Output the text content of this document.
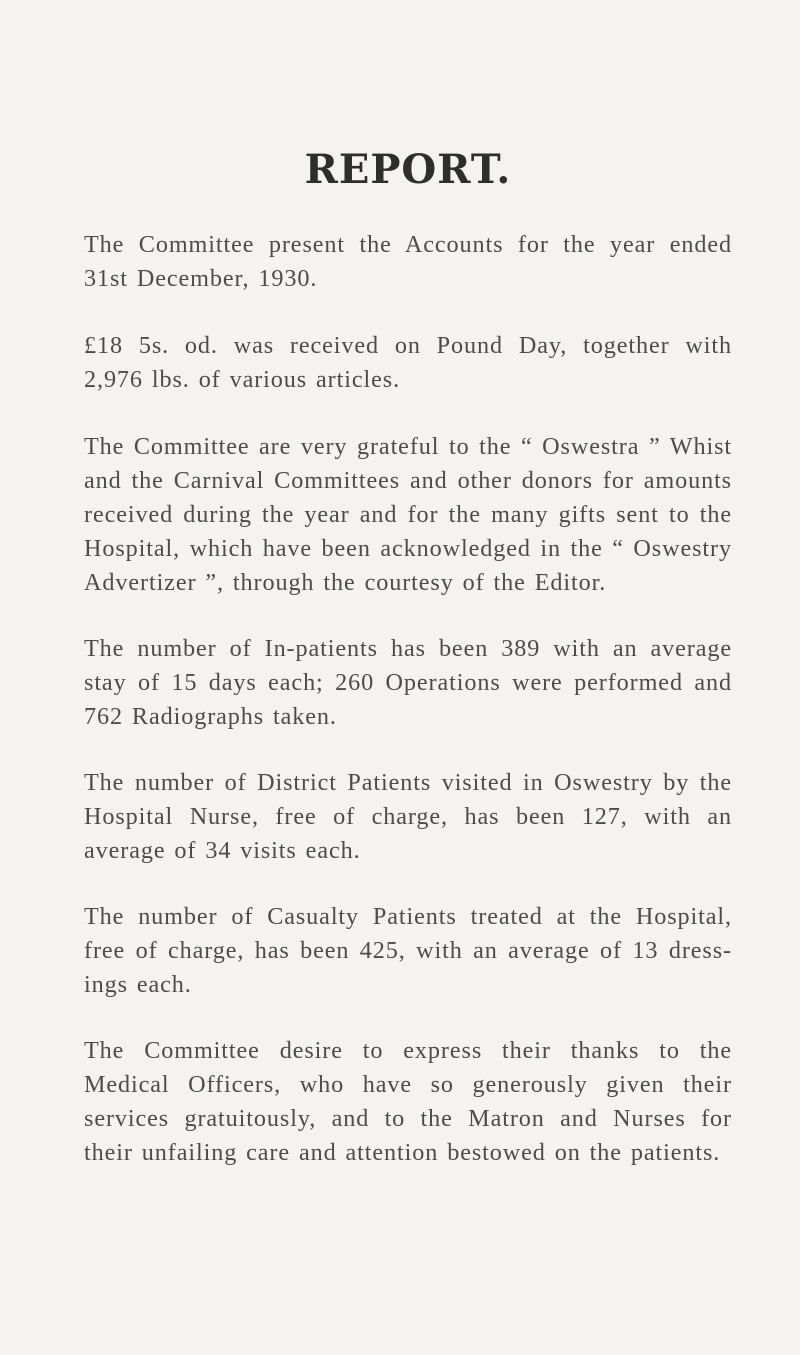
REPORT.

The Committee present the Accounts for the year ended 31st December, 1930.

£18 5s. od. was received on Pound Day, together with 2,976 lbs. of various articles.

The Committee are very grateful to the “ Oswestra ” Whist and the Carnival Committees and other donors for amounts received during the year and for the many gifts sent to the Hospital, which have been acknowledged in the “ Oswestry Advertizer ”, through the courtesy of the Editor.

The number of In-patients has been 389 with an average stay of 15 days each; 260 Operations were performed and 762 Radiographs taken.

The number of District Patients visited in Oswestry by the Hospital Nurse, free of charge, has been 127, with an average of 34 visits each.

The number of Casualty Patients treated at the Hospital, free of charge, has been 425, with an average of 13 dress-ings each.

The Committee desire to express their thanks to the Medical Officers, who have so generously given their services gratuitously, and to the Matron and Nurses for their unfailing care and attention bestowed on the patients.
